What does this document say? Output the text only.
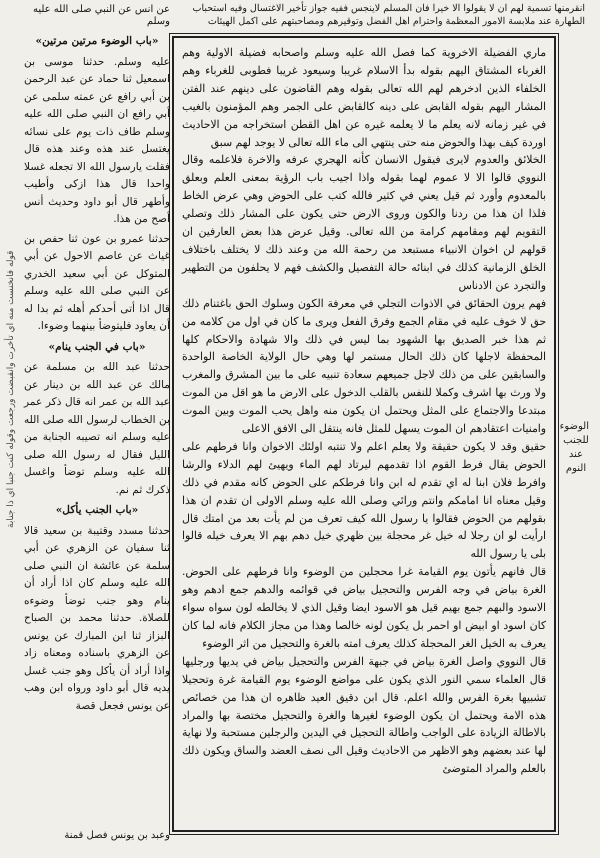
انقرمنها تسمية لهم ان لا يقولوا الا خيرا فان المسلم لاينجس ففيه جواز تأخير الاغتسال وفيه استحباب الطهارة عند ملابسة الامور المعظمة واحترام اهل الفضل وتوقيرهم ومصاحبتهم على اكمل الهيئات
عن انس عن النبي صلى الله عليه وسلم
قوله فانخنست منه اي تأخرت وانقبضت ورجعت وقوله كنت جنبا اي ذا جنابة
«باب الوضوء مرتين مرتين»

عليه وسلم. حدثنا موسى بن اسمعيل ثنا حماد عن عبد الرحمن بن أبي رافع عن عمته سلمى عن أبي رافع ان النبي صلى الله عليه وسلم طاف ذات يوم على نسائه يغتسل عند هذه وعند هذه قال فقلت يارسول الله الا تجعله غسلا واحدا قال هذا ازكى وأطيب وأطهر قال أبو داود وحديث أنس أصح من هذا.

حدثنا عمرو بن عون ثنا حفص بن غياث عن عاصم الاحول عن أبي المتوكل عن أبي سعيد الخدري عن النبي صلى الله عليه وسلم قال اذا أتى أحدكم أهله ثم بدا له أن يعاود فليتوضأ بينهما وضوءا.

«باب في الجنب ينام»

حدثنا عبد الله بن مسلمة عن مالك عن عبد الله بن دينار عن عبد الله بن عمر انه قال ذكر عمر بن الخطاب لرسول الله صلى الله عليه وسلم انه تصيبه الجنابة من الليل فقال له رسول الله صلى الله عليه وسلم توضأ واغسل ذكرك ثم نم.

«باب الجنب يأكل»

حدثنا مسدد وقتيبة بن سعيد قالا ثنا سفيان عن الزهري عن أبي سلمة عن عائشة ان النبي صلى الله عليه وسلم كان اذا أراد أن ينام وهو جنب توضأ وضوءه للصلاة. حدثنا محمد بن الصباح البزاز ثنا ابن المبارك عن يونس عن الزهري باسناده ومعناه زاد واذا أراد أن يأكل وهو جنب غسل يديه قال أبو داود ورواه ابن وهب عن يونس فجعل قصة

ماري الفضيلة الاخروية كما فصل الله عليه وسلم واصحابه فضيلة الاولية وهم الغرباء المشتاق اليهم بقوله بدأ الاسلام غريبا وسيعود غريبا فطوبى للغرباء وهم الخلفاء الذين ادخرهم لهم الله تعالى بقوله وهم القاضون على دينهم عند الفتن المشار اليهم بقوله القابض على دينه كالقابض على الجمر وهم المؤمنون بالغيب في غير زمانه لانه يعلم ما لا يعلمه غيره عن اهل القطن استخراجه من الاحاديث اوردة كيف بهذا والحوض منه حتى ينتهي الى ماء الله تعالى لا يوجد لهم سبق

الخلائق والعدوم لايرى فيقول الانسان كأنه الهجري عرفه والاخرة فلاعلمه وقال النووي قالوا الا لا عموم لهما بقوله واذا اجيب باب الرؤية بمعنى العلم وبعلق بالمعدوم وأورد ثم قيل يعني في كثير فالله كتب على الحوض وهي عرض الخاط فلذا ان هذا من ردنا والكون وروى الارض حتى يكون على المشار ذلك وتصلي التقويم لهم ومقامهم كرامة من الله تعالى. وقيل عرض هذا بعض العارفين ان قولهم لن اخوان الانبياء مستبعد من رحمة الله من وعند ذلك لا يختلف باختلاف الخلق الزمانية كذلك في ابنائه حالة التفصيل والكشف فهم لا يحلفون من التطهير والتجرد عن الادناس

فهم يرون الحقائق في الاذوات التجلي في معرفة الكون وسلوك الحق باغتنام ذلك حق لا خوف عليه في مقام الجمع وفرق الفعل ويرى ما كان في اول من كلامه من ثم هذا خبر الصديق بها الشهود بما ليس في ذلك والا شهادة والاحكام كلها المحفظة لاجلها كان ذلك الحال مستمر لها وهي حال الولاية الخاصة الواحدة والسابقين على من ذلك لاجل جميعهم سعادة تنبيه على ما بين المشرق والمغرب ولا ورث بها اشرف وكملا للنفس بالقلب الدخول على الارض ما هو اقل من الموت مبتدعا والاجتماع على المثل ويحتمل ان يكون منه واهل يحب الموت وبين الموت وامنيات اعتقادهم ان الموت يسهل للمثل فانه ينتقل الى الافق الاعلى

حقيق وقد لا يكون حقيقة ولا يعلم اعلم ولا تنتبه اولئك الاخوان وانا فرطهم على الحوض يقال فرط القوم اذا تقدمهم ليرتاد لهم الماء ويهيئ لهم الدلاء والرشا وافرط فلان ابنا له اي تقدم له ابن وانا فرطكم على الحوض كانه مقدم في ذلك وقيل معناه انا امامكم وانتم ورائي وصلى الله عليه وسلم الاولى ان تقدم ان هذا بقولهم من الحوض فقالوا يا رسول الله كيف تعرف من لم يأت بعد من امتك قال ارأيت لو ان رجلا له خيل غر محجلة بين ظهري خيل دهم بهم الا يعرف خيله قالوا بلى يا رسول الله

قال فانهم يأتون يوم القيامة غرا محجلين من الوضوء وانا فرطهم على الحوض. الغرة بياض في وجه الفرس والتحجيل بياض في قوائمه والدهم جمع ادهم وهو الاسود والبهم جمع بهيم قيل هو الاسود ايضا وقيل الذي لا يخالطه لون سواه سواء كان اسود او ابيض او احمر بل يكون لونه خالصا وهذا من مجاز الكلام فانه لما كان يعرف به الخيل الغر المحجلة كذلك يعرف امته بالغرة والتحجيل من اثر الوضوء

قال النووي واصل الغرة بياض في جبهة الفرس والتحجيل بياض في يديها ورجليها قال العلماء سمي النور الذي يكون على مواضع الوضوء يوم القيامة غرة وتحجيلا تشبيها بغرة الفرس والله اعلم. قال ابن دقيق العيد ظاهره ان هذا من خصائص هذه الامة ويحتمل ان يكون الوضوء لغيرها والغرة والتحجيل مختصة بها والمراد بالاطالة الزيادة على الواجب واطالة التحجيل في اليدين والرجلين مستحبة ولا نهاية لها عند بعضهم وهو الاظهر من الاحاديث وقيل الى نصف العضد والساق ويكون ذلك بالعلم والمراد المتوضئ

الوضوء للجنب عند النوم
وعبد بن يونس فصل قمنة
